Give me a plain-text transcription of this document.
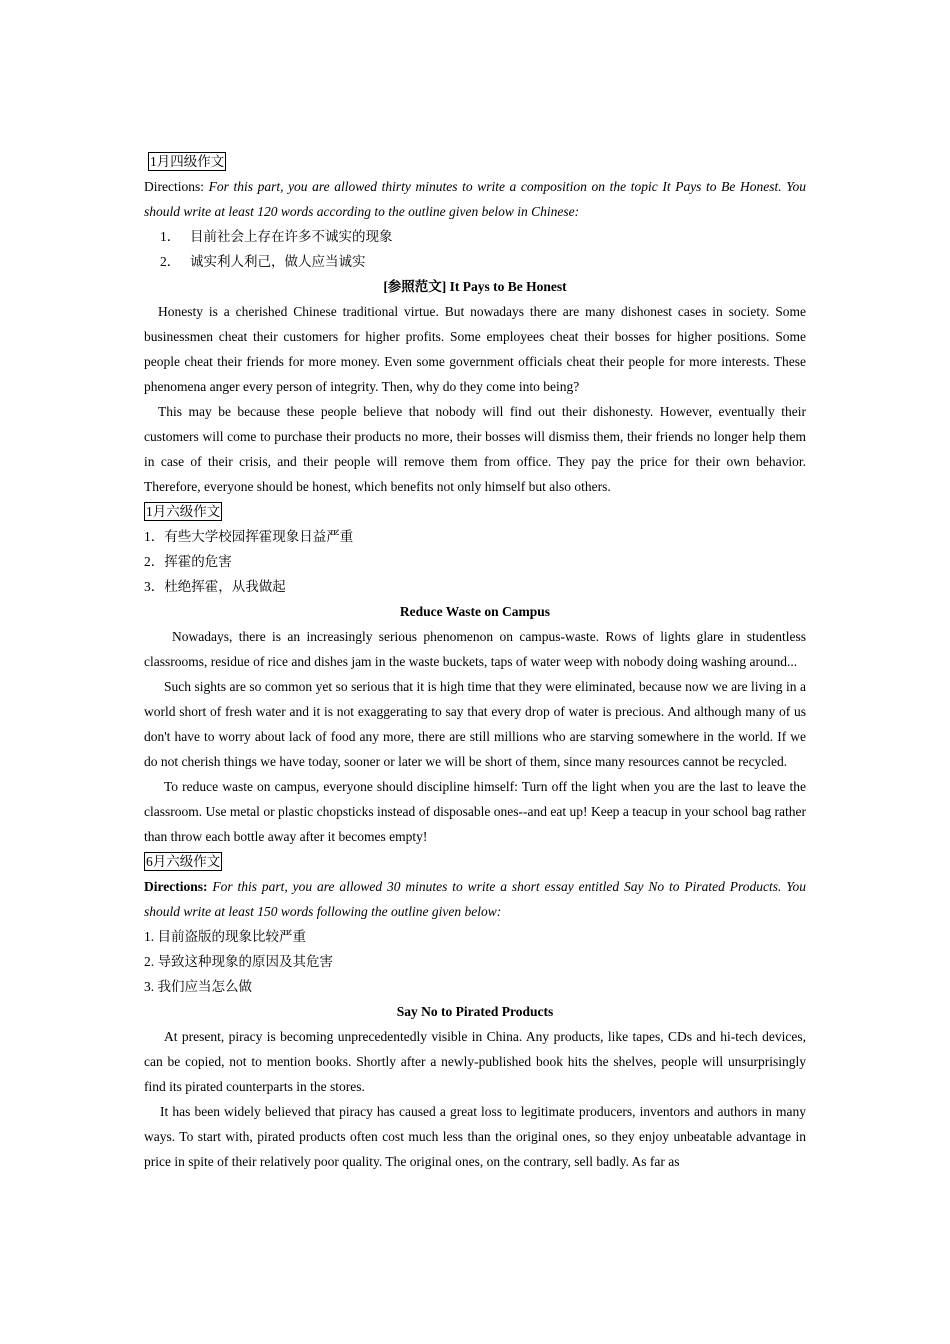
1月四级作文
Directions: For this part, you are allowed thirty minutes to write a composition on the topic It Pays to Be Honest. You should write at least 120 words according to the outline given below in Chinese:
1． 目前社会上存在许多不诚实的现象
2． 诚实利人利己，做人应当诚实
[参照范文] It Pays to Be Honest
Honesty is a cherished Chinese traditional virtue. But nowadays there are many dishonest cases in society. Some businessmen cheat their customers for higher profits. Some employees cheat their bosses for higher positions. Some people cheat their friends for more money. Even some government officials cheat their people for more interests. These phenomena anger every person of integrity. Then, why do they come into being?
This may be because these people believe that nobody will find out their dishonesty. However, eventually their customers will come to purchase their products no more, their bosses will dismiss them, their friends no longer help them in case of their crisis, and their people will remove them from office. They pay the price for their own behavior. Therefore, everyone should be honest, which benefits not only himself but also others.
1月六级作文
1．有些大学校园挥霍现象日益严重
2．挥霍的危害
3．杜绝挥霍，从我做起
Reduce Waste on Campus
Nowadays, there is an increasingly serious phenomenon on campus-waste. Rows of lights glare in studentless classrooms, residue of rice and dishes jam in the waste buckets, taps of water weep with nobody doing washing around...
Such sights are so common yet so serious that it is high time that they were eliminated, because now we are living in a world short of fresh water and it is not exaggerating to say that every drop of water is precious. And although many of us don't have to worry about lack of food any more, there are still millions who are starving somewhere in the world. If we do not cherish things we have today, sooner or later we will be short of them, since many resources cannot be recycled.
To reduce waste on campus, everyone should discipline himself: Turn off the light when you are the last to leave the classroom. Use metal or plastic chopsticks instead of disposable ones--and eat up! Keep a teacup in your school bag rather than throw each bottle away after it becomes empty!
6月六级作文
Directions: For this part, you are allowed 30 minutes to write a short essay entitled Say No to Pirated Products. You should write at least 150 words following the outline given below:
1. 目前盗版的现象比较严重
2. 导致这种现象的原因及其危害
3. 我们应当怎么做
Say No to Pirated Products
At present, piracy is becoming unprecedentedly visible in China. Any products, like tapes, CDs and hi-tech devices, can be copied, not to mention books. Shortly after a newly-published book hits the shelves, people will unsurprisingly find its pirated counterparts in the stores.
It has been widely believed that piracy has caused a great loss to legitimate producers, inventors and authors in many ways. To start with, pirated products often cost much less than the original ones, so they enjoy unbeatable advantage in price in spite of their relatively poor quality. The original ones, on the contrary, sell badly. As far as
